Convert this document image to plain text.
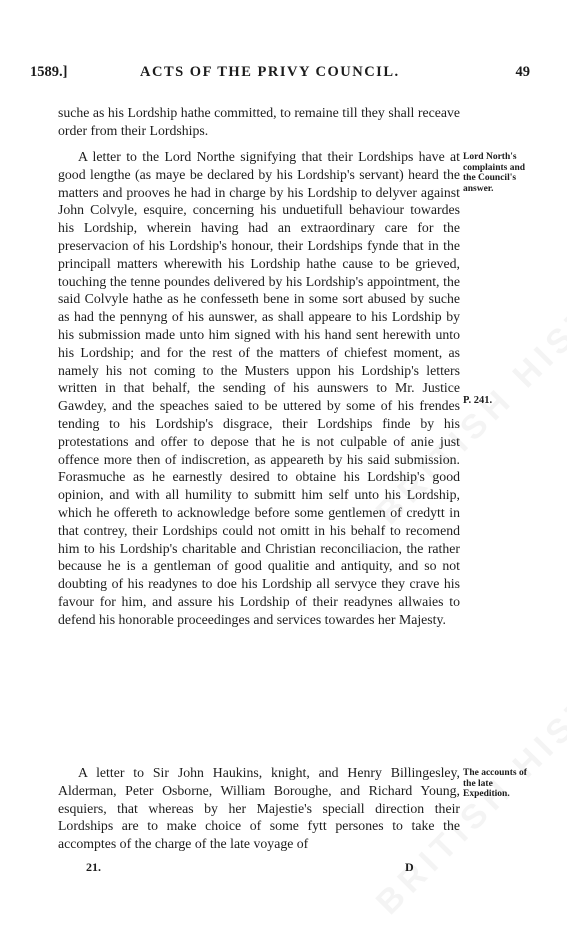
1589.]	ACTS OF THE PRIVY COUNCIL.	49
suche as his Lordship hathe committed, to remaine till they shall receave order from their Lordships.
A letter to the Lord Northe signifying that their Lordships have at good lengthe (as maye be declared by his Lordship's servant) heard the matters and prooves he had in charge by his Lordship to delyver against John Colvyle, esquire, concerning his unduetifull behaviour towardes his Lordship, wherein having had an extraordinary care for the preservacion of his Lordship's honour, their Lordships fynde that in the principall matters wherewith his Lordship hathe cause to be grieved, touching the tenne poundes delivered by his Lordship's appointment, the said Colvyle hathe as he confesseth bene in some sort abused by suche as had the pennyng of his aunswer, as shall appeare to his Lordship by his submission made unto him signed with his hand sent herewith unto his Lordship; and for the rest of the matters of chiefest moment, as namely his not coming to the Musters uppon his Lordship's letters written in that behalf, the sending of his aunswers to Mr. Justice Gawdey, and the speaches saied to be uttered by some of his frendes tending to his Lordship's disgrace, their Lordships finde by his protestations and offer to depose that he is not culpable of anie just offence more then of indiscretion, as appeareth by his said submission. Forasmuche as he earnestly desired to obtaine his Lordship's good opinion, and with all humility to submitt him self unto his Lordship, which he offereth to acknowledge before some gentlemen of credytt in that contrey, their Lordships could not omitt in his behalf to recomend him to his Lordship's charitable and Christian reconciliacion, the rather because he is a gentleman of good qualitie and antiquity, and so not doubting of his readynes to doe his Lordship all servyce they crave his favour for him, and assure his Lordship of their readynes allwaies to defend his honorable proceedinges and services towardes her Majesty.
A letter to Sir John Haukins, knight, and Henry Billingesley, Alderman, Peter Osborne, William Boroughe, and Richard Young, esquiers, that whereas by her Majestie's speciall direction their Lordships are to make choice of some fytt persones to take the accomptes of the charge of the late voyage of
Lord North's complaints and the Council's answer.
P. 241.
The accounts of the late Expedition.
21.	D
